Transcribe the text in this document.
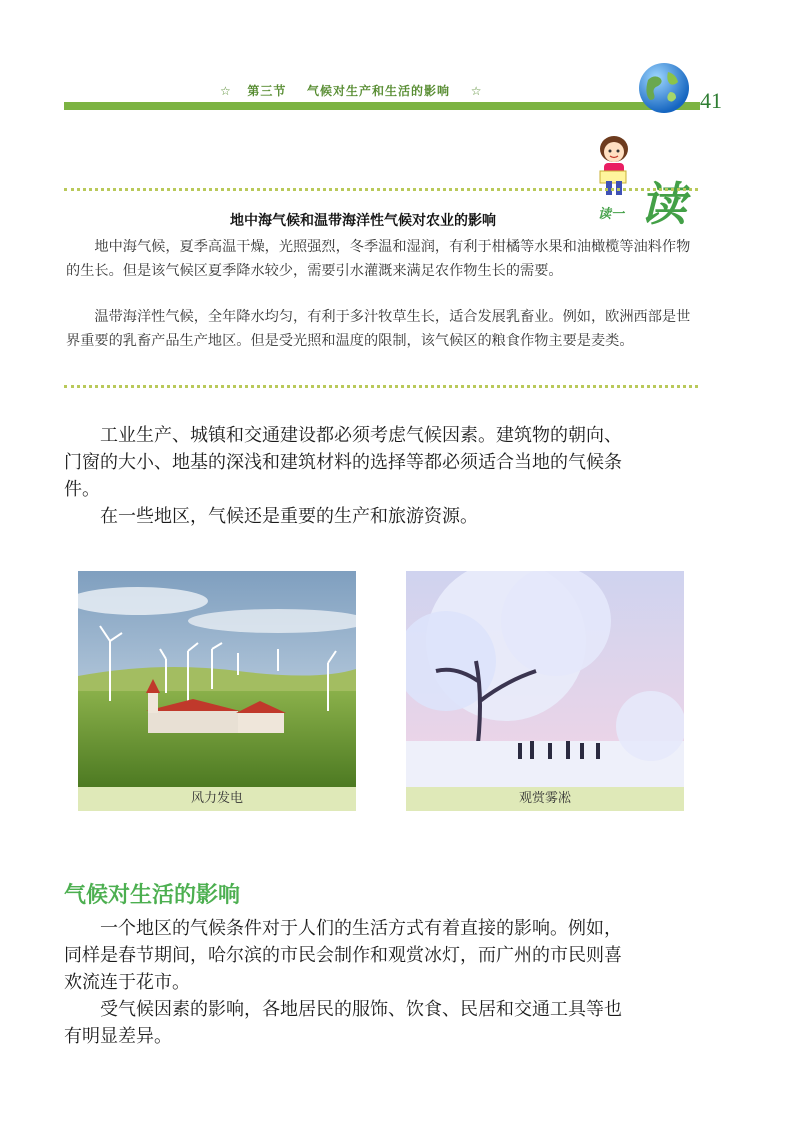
☆ 第三节 气候对生产和生活的影响 ☆	41
读一 读
地中海气候和温带海洋性气候对农业的影响
地中海气候，夏季高温干燥，光照强烈，冬季温和湿润，有利于柑橘等水果和油橄榄等油料作物的生长。但是该气候区夏季降水较少，需要引水灌溉来满足农作物生长的需要。
温带海洋性气候，全年降水均匀，有利于多汁牧草生长，适合发展乳畜业。例如，欧洲西部是世界重要的乳畜产品生产地区。但是受光照和温度的限制，该气候区的粮食作物主要是麦类。
工业生产、城镇和交通建设都必须考虑气候因素。建筑物的朝向、门窗的大小、地基的深浅和建筑材料的选择等都必须适合当地的气候条件。
在一些地区，气候还是重要的生产和旅游资源。
风力发电	观赏雾凇
气候对生活的影响
一个地区的气候条件对于人们的生活方式有着直接的影响。例如，同样是春节期间，哈尔滨的市民会制作和观赏冰灯，而广州的市民则喜欢流连于花市。
受气候因素的影响，各地居民的服饰、饮食、民居和交通工具等也有明显差异。
